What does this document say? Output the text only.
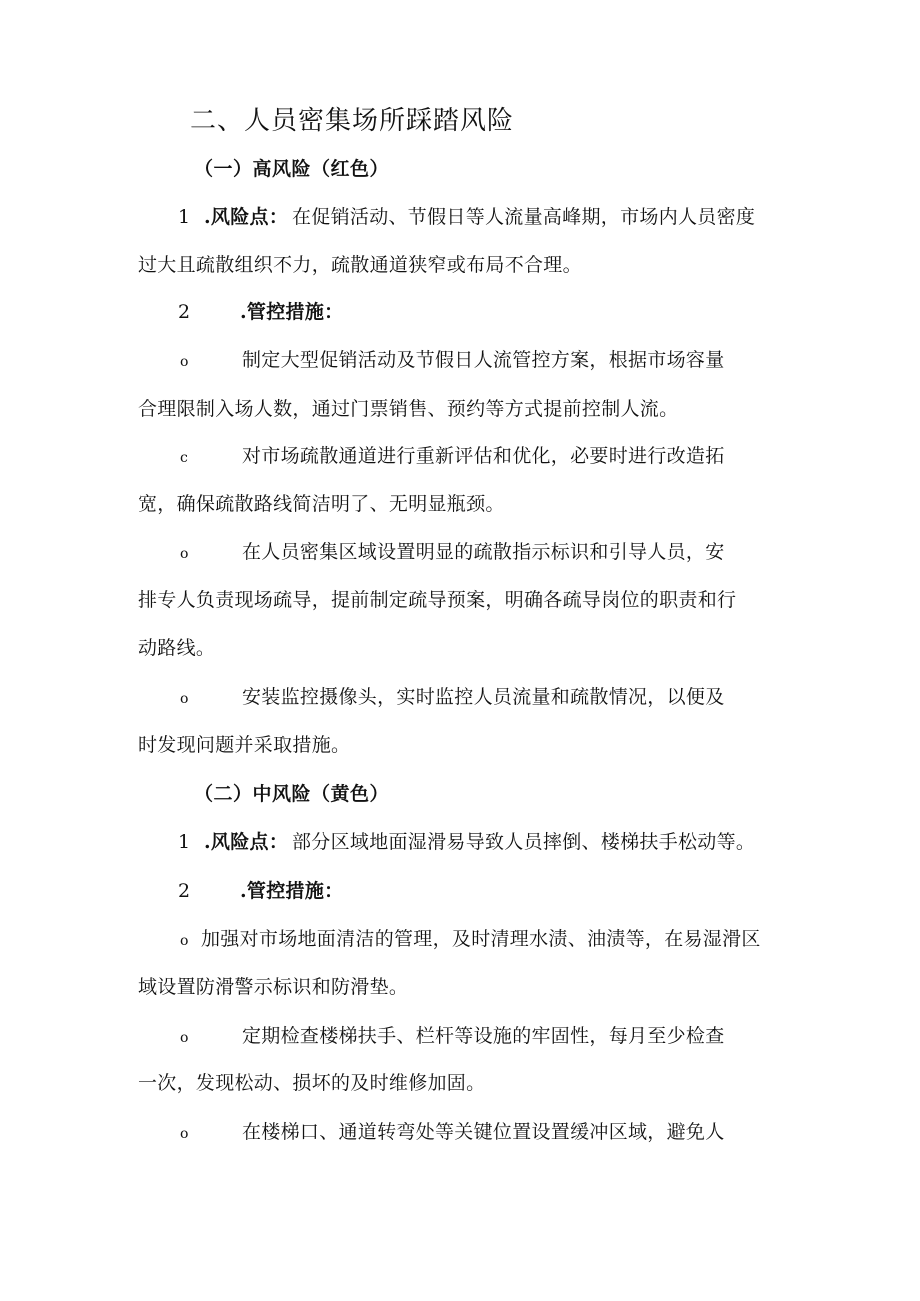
二、人员密集场所踩踏风险
（一）高风险（红色）
1 .风险点： 在促销活动、节假日等人流量高峰期，市场内人员密度
过大且疏散组织不力，疏散通道狭窄或布局不合理。
2	.管控措施：
o	制定大型促销活动及节假日人流管控方案，根据市场容量
合理限制入场人数，通过门票销售、预约等方式提前控制人流。
c	对市场疏散通道进行重新评估和优化，必要时进行改造拓
宽，确保疏散路线简洁明了、无明显瓶颈。
o	在人员密集区域设置明显的疏散指示标识和引导人员，安
排专人负责现场疏导，提前制定疏导预案，明确各疏导岗位的职责和行
动路线。
o	安装监控摄像头，实时监控人员流量和疏散情况，以便及
时发现问题并采取措施。
（二）中风险（黄色）
1 .风险点： 部分区域地面湿滑易导致人员摔倒、楼梯扶手松动等。
2	.管控措施：
o 加强对市场地面清洁的管理，及时清理水渍、油渍等，在易湿滑区
域设置防滑警示标识和防滑垫。
o	定期检查楼梯扶手、栏杆等设施的牢固性，每月至少检查
一次，发现松动、损坏的及时维修加固。
o	在楼梯口、通道转弯处等关键位置设置缓冲区域，避免人
